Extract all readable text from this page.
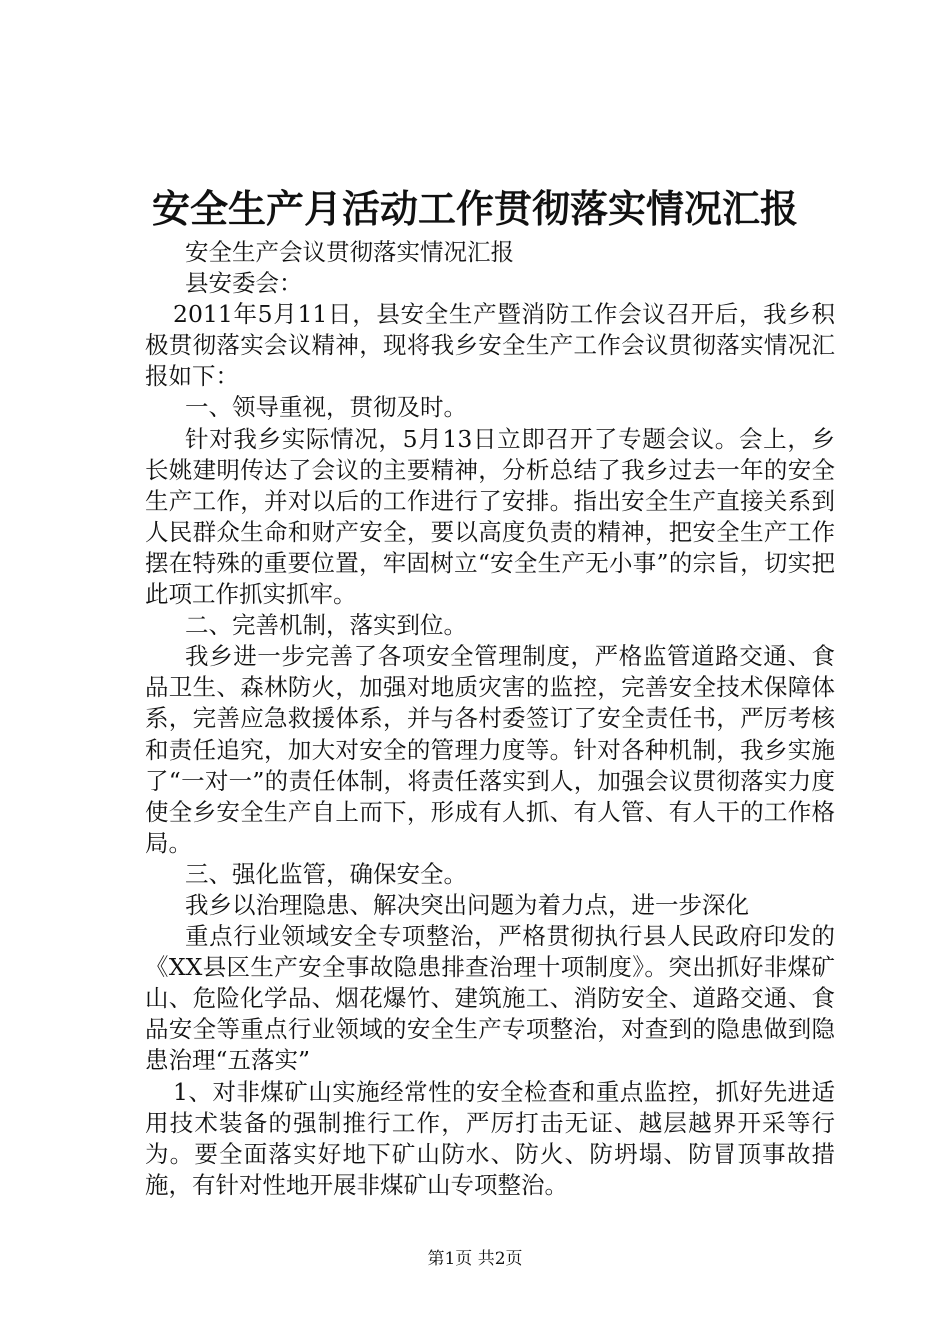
安全生产月活动工作贯彻落实情况汇报

安全生产会议贯彻落实情况汇报

县安委会：

2011年5月11日，县安全生产暨消防工作会议召开后，我乡积极贯彻落实会议精神，现将我乡安全生产工作会议贯彻落实情况汇报如下：

一、领导重视，贯彻及时。

针对我乡实际情况，5月13日立即召开了专题会议。会上，乡长姚建明传达了会议的主要精神，分析总结了我乡过去一年的安全生产工作，并对以后的工作进行了安排。指出安全生产直接关系到人民群众生命和财产安全，要以高度负责的精神，把安全生产工作摆在特殊的重要位置，牢固树立“安全生产无小事”的宗旨，切实把此项工作抓实抓牢。

二、完善机制，落实到位。

我乡进一步完善了各项安全管理制度，严格监管道路交通、食品卫生、森林防火，加强对地质灾害的监控，完善安全技术保障体系，完善应急救援体系，并与各村委签订了安全责任书，严厉考核和责任追究，加大对安全的管理力度等。针对各种机制，我乡实施了“一对一”的责任体制，将责任落实到人，加强会议贯彻落实力度使全乡安全生产自上而下，形成有人抓、有人管、有人干的工作格局。

三、强化监管，确保安全。

我乡以治理隐患、解决突出问题为着力点，进一步深化

重点行业领域安全专项整治，严格贯彻执行县人民政府印发的《XX县区生产安全事故隐患排查治理十项制度》。突出抓好非煤矿山、危险化学品、烟花爆竹、建筑施工、消防安全、道路交通、食品安全等重点行业领域的安全生产专项整治，对查到的隐患做到隐患治理“五落实”

1、对非煤矿山实施经常性的安全检查和重点监控，抓好先进适用技术装备的强制推行工作，严厉打击无证、越层越界开采等行为。要全面落实好地下矿山防水、防火、防坍塌、防冒顶事故措施，有针对性地开展非煤矿山专项整治。

第1页 共2页
